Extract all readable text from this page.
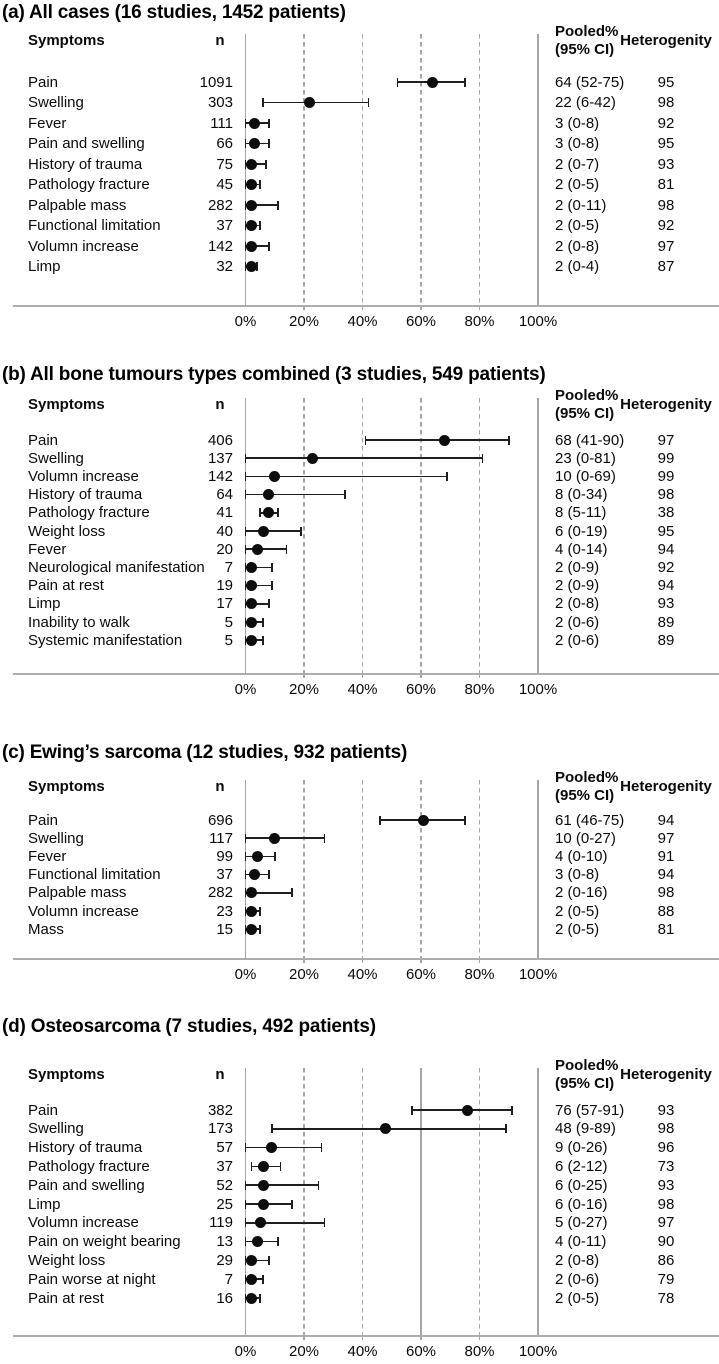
(a) All cases (16 studies, 1452 patients)
Symptoms	n
Pooled%
(95% CI)
Heterogenity
Pain	1091	64 (52-75)	95
Swelling	303	22 (6-42)	98
Fever	111	3 (0-8)	92
Pain and swelling	66	3 (0-8)	95
History of trauma	75	2 (0-7)	93
Pathology fracture	45	2 (0-5)	81
Palpable mass	282	2 (0-11)	98
Functional limitation	37	2 (0-5)	92
Volumn increase	142	2 (0-8)	97
Limp	32	2 (0-4)	87
0%	20%	40%	60%	80%	100%
(b) All bone tumours types combined (3 studies, 549 patients)
Symptoms	n
Pooled%
(95% CI)
Heterogenity
Pain	406	68 (41-90)	97
Swelling	137	23 (0-81)	99
Volumn increase	142	10 (0-69)	99
History of trauma	64	8 (0-34)	98
Pathology fracture	41	8 (5-11)	38
Weight loss	40	6 (0-19)	95
Fever	20	4 (0-14)	94
Neurological manifestation	7	2 (0-9)	92
Pain at rest	19	2 (0-9)	94
Limp	17	2 (0-8)	93
Inability to walk	5	2 (0-6)	89
Systemic manifestation	5	2 (0-6)	89
0%	20%	40%	60%	80%	100%
(c) Ewing’s sarcoma (12 studies, 932 patients)
Symptoms	n
Pooled%
(95% CI)
Heterogenity
Pain	696	61 (46-75)	94
Swelling	117	10 (0-27)	97
Fever	99	4 (0-10)	91
Functional limitation	37	3 (0-8)	94
Palpable mass	282	2 (0-16)	98
Volumn increase	23	2 (0-5)	88
Mass	15	2 (0-5)	81
0%	20%	40%	60%	80%	100%
(d) Osteosarcoma (7 studies, 492 patients)
Symptoms	n
Pooled%
(95% CI)
Heterogenity
Pain	382	76 (57-91)	93
Swelling	173	48 (9-89)	98
History of trauma	57	9 (0-26)	96
Pathology fracture	37	6 (2-12)	73
Pain and swelling	52	6 (0-25)	93
Limp	25	6 (0-16)	98
Volumn increase	119	5 (0-27)	97
Pain on weight bearing	13	4 (0-11)	90
Weight loss	29	2 (0-8)	86
Pain worse at night	7	2 (0-6)	79
Pain at rest	16	2 (0-5)	78
0%	20%	40%	60%	80%	100%
